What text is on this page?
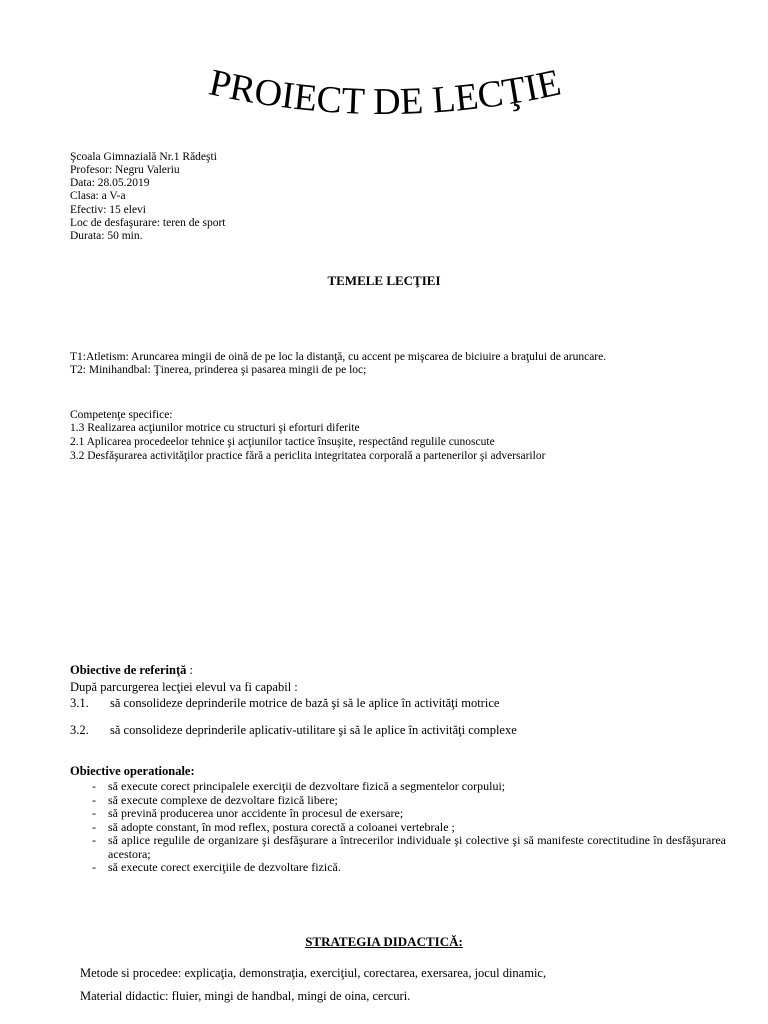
PROIECT DE LECŢIE
Şcoala Gimnazială Nr.1 Rădeşti
Profesor: Negru Valeriu
Data: 28.05.2019
Clasa: a V-a
Efectiv: 15 elevi
Loc de desfaşurare: teren de sport
Durata: 50 min.
TEMELE LECŢIEI
T1:Atletism: Aruncarea mingii de oină de pe loc la distanţă, cu accent pe mişcarea de biciuire a braţului de aruncare.
T2: Minihandbal: Ţinerea, prinderea şi pasarea mingii de pe loc;
Competenţe specifice:
1.3 Realizarea acţiunilor motrice cu structuri şi eforturi diferite
2.1 Aplicarea procedeelor tehnice şi acţiunilor tactice însuşite, respectând regulile cunoscute
3.2 Desfăşurarea activităţilor practice fără a periclita integritatea corporală a partenerilor şi adversarilor
Obiective de referinţă :
După parcurgerea lecţiei elevul va fi capabil :
3.1. să consolideze deprinderile motrice de bază şi să le aplice în activităţi motrice
3.2. să consolideze deprinderile aplicativ-utilitare şi să le aplice în activităţi complexe
Obiective operationale:
- să execute corect principalele exerciţii de dezvoltare fizică a segmentelor corpului;
- să execute complexe de dezvoltare fizică libere;
- să prevină producerea unor accidente în procesul de exersare;
- să adopte constant, în mod reflex, postura corectă a coloanei vertebrale ;
- să aplice regulile de organizare şi desfăşurare a întrecerilor individuale şi colective şi să manifeste corectitudine în desfăşurarea acestora;
- să execute corect exerciţiile de dezvoltare fizică.
STRATEGIA DIDACTICĂ:
Metode si procedee: explicaţia, demonstraţia, exerciţiul, corectarea, exersarea, jocul dinamic,
Material didactic: fluier, mingi de handbal, mingi de oina, cercuri.
